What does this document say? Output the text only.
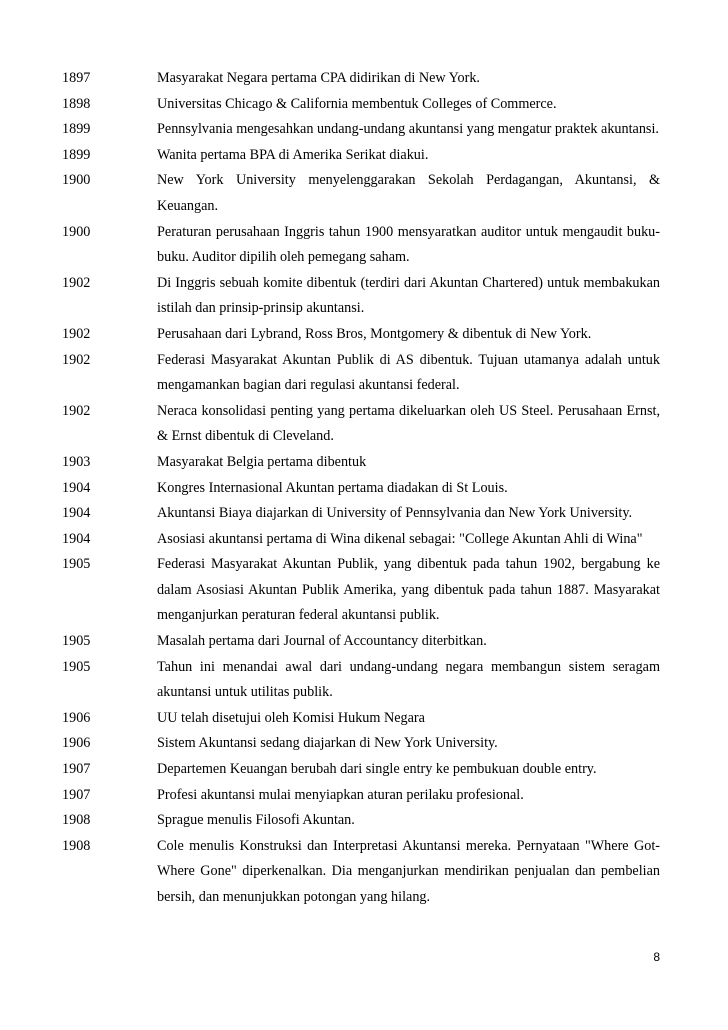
1897	Masyarakat Negara pertama CPA didirikan di New York.
1898	Universitas Chicago & California membentuk Colleges of Commerce.
1899	Pennsylvania mengesahkan undang-undang akuntansi yang mengatur praktek akuntansi.
1899	Wanita pertama BPA di Amerika Serikat diakui.
1900	New York University menyelenggarakan Sekolah Perdagangan, Akuntansi, & Keuangan.
1900	Peraturan perusahaan Inggris tahun 1900 mensyaratkan auditor untuk mengaudit buku-buku. Auditor dipilih oleh pemegang saham.
1902	Di Inggris sebuah komite dibentuk (terdiri dari Akuntan Chartered) untuk membakukan istilah dan prinsip-prinsip akuntansi.
1902	Perusahaan dari Lybrand, Ross Bros, Montgomery & dibentuk di New York.
1902	Federasi Masyarakat Akuntan Publik di AS dibentuk. Tujuan utamanya adalah untuk mengamankan bagian dari regulasi akuntansi federal.
1902	Neraca konsolidasi penting yang pertama dikeluarkan oleh US Steel. Perusahaan Ernst, & Ernst dibentuk di Cleveland.
1903	Masyarakat Belgia pertama dibentuk
1904	Kongres Internasional Akuntan pertama diadakan di St Louis.
1904	Akuntansi Biaya diajarkan di University of Pennsylvania dan New York University.
1904	Asosiasi akuntansi pertama di Wina dikenal sebagai: "College Akuntan Ahli di Wina"
1905	Federasi Masyarakat Akuntan Publik, yang dibentuk pada tahun 1902, bergabung ke dalam Asosiasi Akuntan Publik Amerika, yang dibentuk pada tahun 1887. Masyarakat menganjurkan peraturan federal akuntansi publik.
1905	Masalah pertama dari Journal of Accountancy diterbitkan.
1905	Tahun ini menandai awal dari undang-undang negara membangun sistem seragam akuntansi untuk utilitas publik.
1906	UU telah disetujui oleh Komisi Hukum Negara
1906	Sistem Akuntansi sedang diajarkan di New York University.
1907	Departemen Keuangan berubah dari single entry ke pembukuan double entry.
1907	Profesi akuntansi mulai menyiapkan aturan perilaku profesional.
1908	Sprague menulis Filosofi Akuntan.
1908	Cole menulis Konstruksi dan Interpretasi Akuntansi mereka. Pernyataan "Where Got-Where Gone" diperkenalkan. Dia menganjurkan mendirikan penjualan dan pembelian bersih, dan menunjukkan potongan yang hilang.
8
